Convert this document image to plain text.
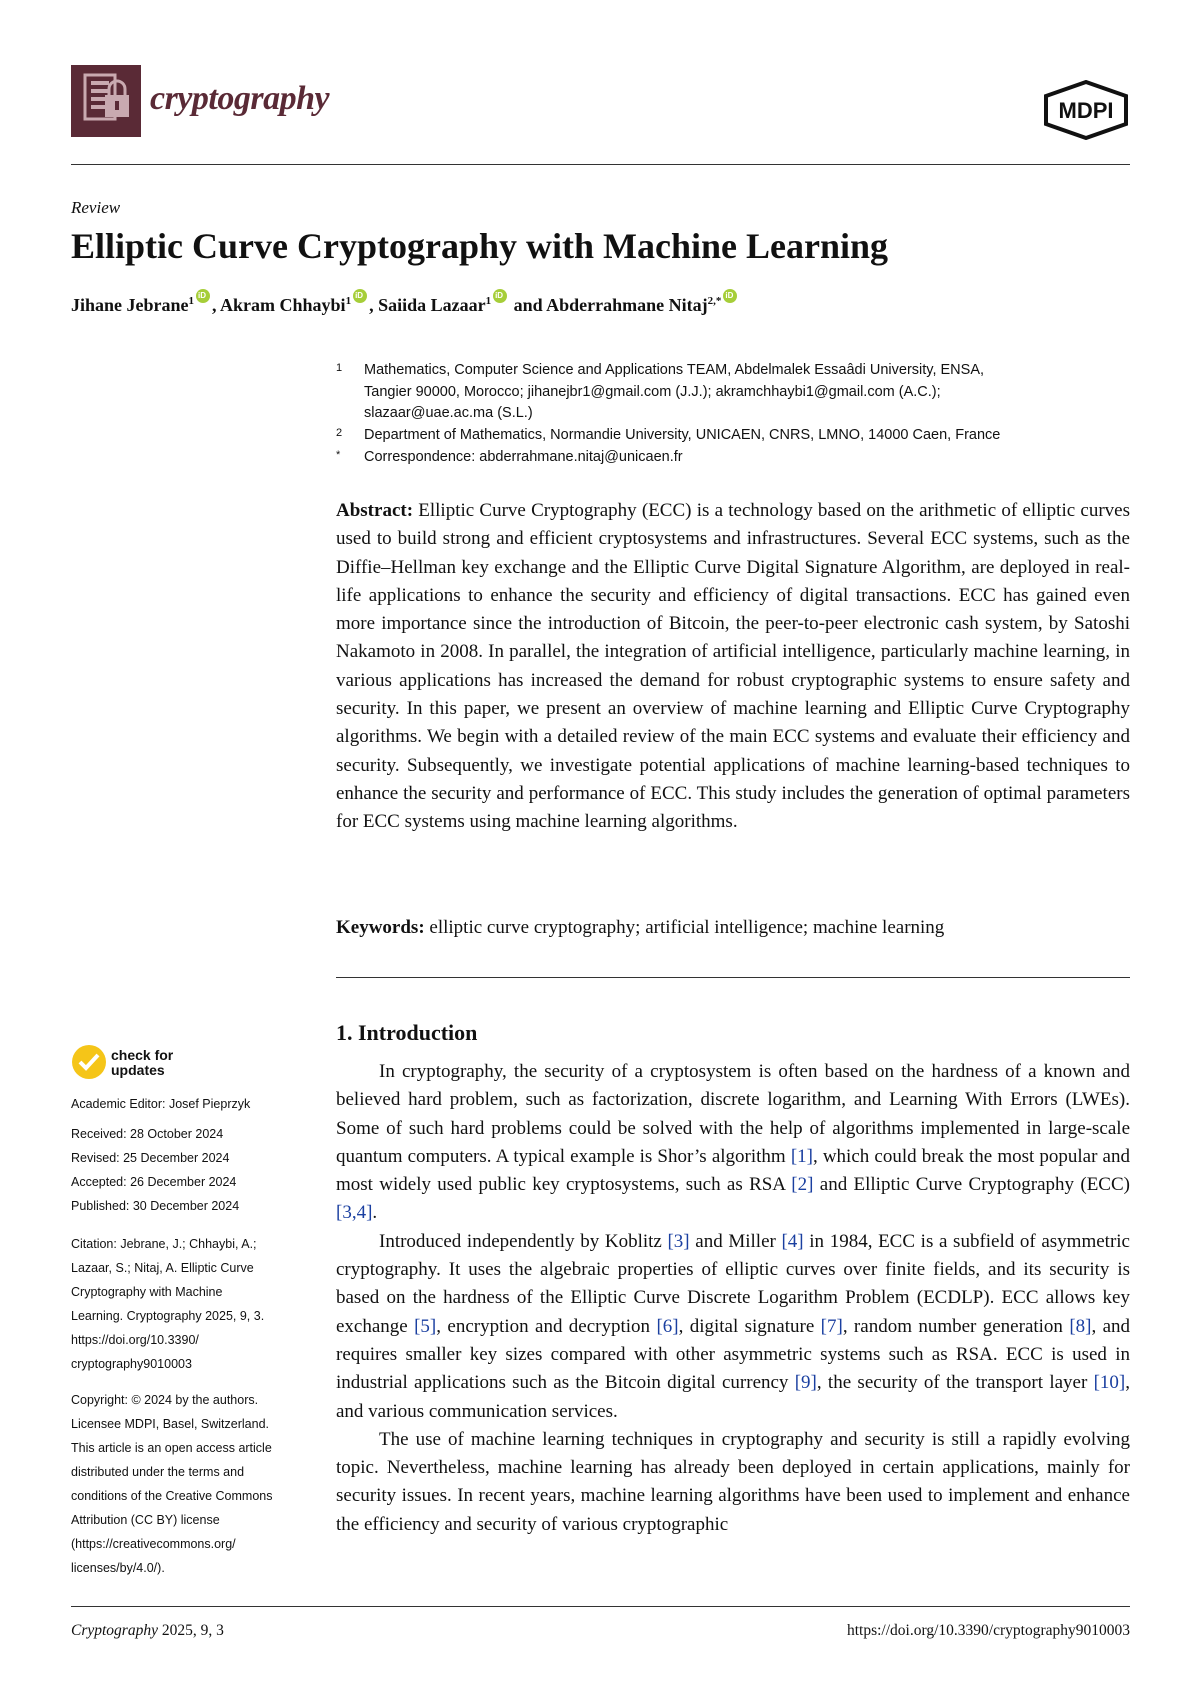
cryptography	MDPI
Review
Elliptic Curve Cryptography with Machine Learning
Jihane Jebrane$^1$ iD , Akram Chhaybi$^1$ iD , Saiida Lazaar$^1$iD and Abderrahmane Nitaj$^{2,*}$iD
1	Mathematics, Computer Science and Applications TEAM, Abdelmalek Essaâdi University, ENSA,
Tangier 90000, Morocco; jihanejbr1@gmail.com (J.J.); akramchhaybi1@gmail.com (A.C.);
slazaar@uae.ac.ma (S.L.)
2	Department of Mathematics, Normandie University, UNICAEN, CNRS, LMNO, 14000 Caen, France
*	Correspondence: abderrahmane.nitaj@unicaen.fr
Abstract: Elliptic Curve Cryptography (ECC) is a technology based on the arithmetic of elliptic curves used to build strong and efficient cryptosystems and infrastructures. Several ECC systems, such as the Diffie–Hellman key exchange and the Elliptic Curve Digital Signature Algorithm, are deployed in real-life applications to enhance the security and efficiency of digital transactions. ECC has gained even more importance since the introduction of Bitcoin, the peer-to-peer electronic cash system, by Satoshi Nakamoto in 2008. In parallel, the integration of artificial intelligence, particularly machine learning, in various applications has increased the demand for robust cryptographic systems to ensure safety and security. In this paper, we present an overview of machine learning and Elliptic Curve Cryptography algorithms. We begin with a detailed review of the main ECC systems and evaluate their efficiency and security. Subsequently, we investigate potential applications of machine learning-based techniques to enhance the security and performance of ECC. This study includes the generation of optimal parameters for ECC systems using machine learning algorithms.
Keywords: elliptic curve cryptography; artificial intelligence; machine learning
check for
updates
Academic Editor: Josef Pieprzyk
Received: 28 October 2024
Revised: 25 December 2024
Accepted: 26 December 2024
Published: 30 December 2024
Citation: Jebrane, J.; Chhaybi, A.;
Lazaar, S.; Nitaj, A. Elliptic Curve
Cryptography with Machine
Learning. Cryptography 2025, 9, 3.
https://doi.org/10.3390/
cryptography9010003
Copyright: © 2024 by the authors.
Licensee MDPI, Basel, Switzerland.
This article is an open access article
distributed under the terms and
conditions of the Creative Commons
Attribution (CC BY) license
(https://creativecommons.org/
licenses/by/4.0/).
1. Introduction

In cryptography, the security of a cryptosystem is often based on the hardness of a known and believed hard problem, such as factorization, discrete logarithm, and Learning With Errors (LWEs). Some of such hard problems could be solved with the help of algorithms implemented in large-scale quantum computers. A typical example is Shor’s algorithm [1], which could break the most popular and most widely used public key cryptosystems, such as RSA [2] and Elliptic Curve Cryptography (ECC) [3,4].

Introduced independently by Koblitz [3] and Miller [4] in 1984, ECC is a subfield of asymmetric cryptography. It uses the algebraic properties of elliptic curves over finite fields, and its security is based on the hardness of the Elliptic Curve Discrete Logarithm Problem (ECDLP). ECC allows key exchange [5], encryption and decryption [6], digital signature [7], random number generation [8], and requires smaller key sizes compared with other asymmetric systems such as RSA. ECC is used in industrial applications such as the Bitcoin digital currency [9], the security of the transport layer [10], and various communication services.

The use of machine learning techniques in cryptography and security is still a rapidly evolving topic. Nevertheless, machine learning has already been deployed in certain applications, mainly for security issues. In recent years, machine learning algorithms have been used to implement and enhance the efficiency and security of various cryptographic

Cryptography 2025, 9, 3	https://doi.org/10.3390/cryptography9010003
